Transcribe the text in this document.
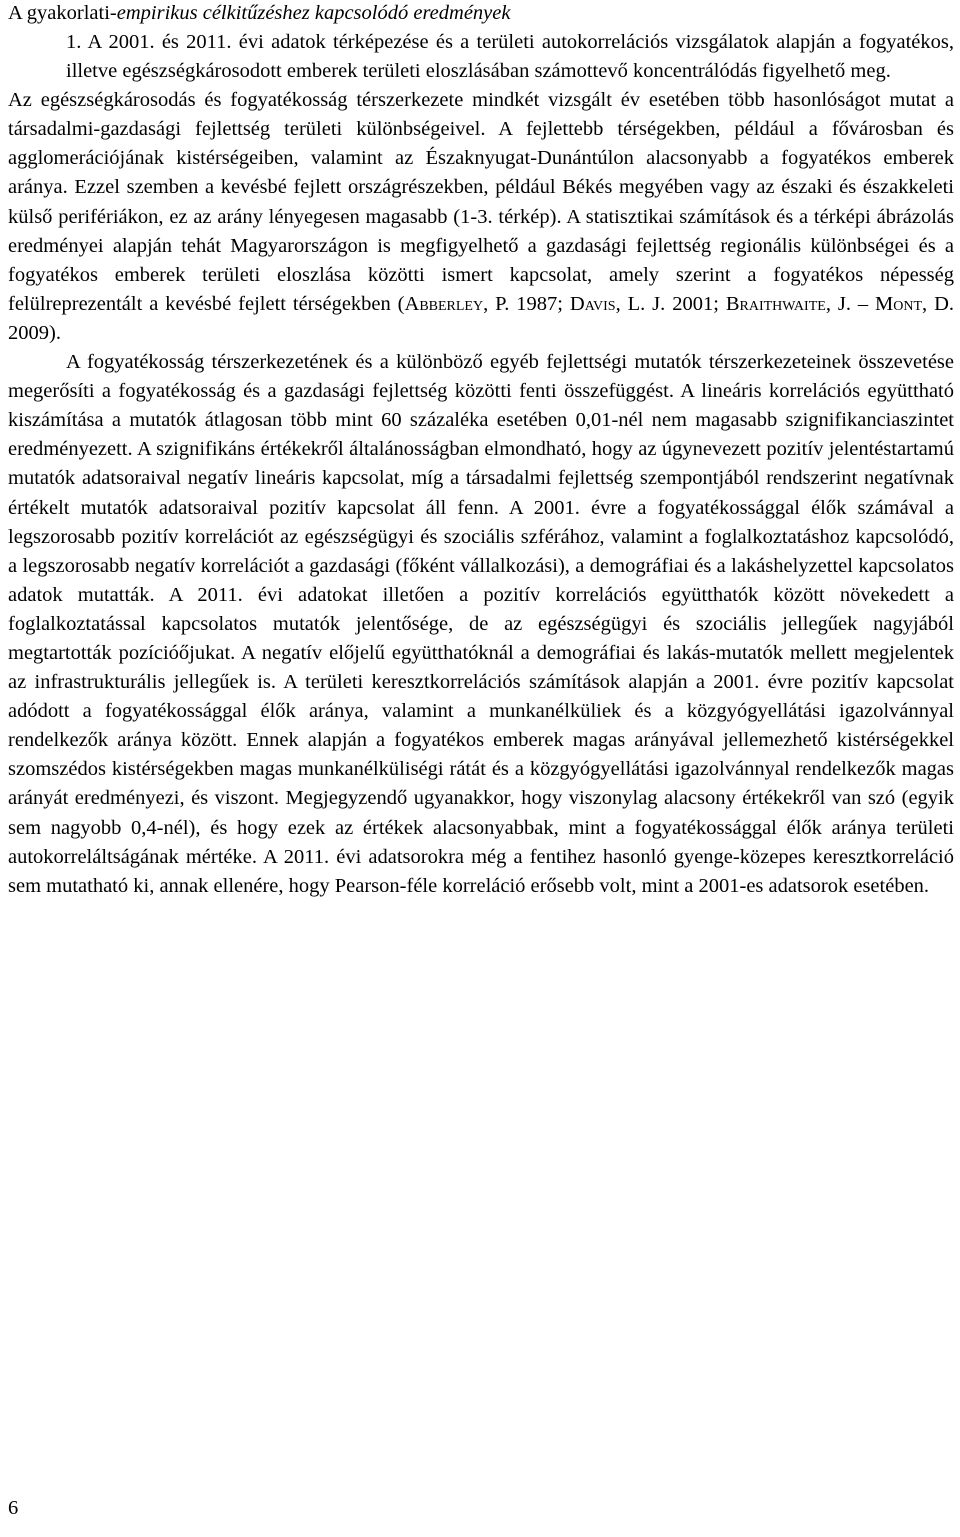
A gyakorlati-empirikus célkitűzéshez kapcsolódó eredmények

1. A 2001. és 2011. évi adatok térképezése és a területi autokorrelációs vizsgálatok alapján a fogyatékos, illetve egészségkárosodott emberek területi eloszlásában számottevő koncentrálódás figyelhető meg. Az egészségkárosodás és fogyatékosság térszerkezete mindkét vizsgált év esetében több hasonlóságot mutat a társadalmi-gazdasági fejlettség területi különbségeivel. A fejlettebb térségekben, például a fővárosban és agglomerációjának kistérségeiben, valamint az Északnyugat-Dunántúlon alacsonyabb a fogyatékos emberek aránya. Ezzel szemben a kevésbé fejlett országrészekben, például Békés megyében vagy az északi és északkeleti külső perifériákon, ez az arány lényegesen magasabb (1-3. térkép). A statisztikai számítások és a térképi ábrázolás eredményei alapján tehát Magyarországon is megfigyelhető a gazdasági fejlettség regionális különbségei és a fogyatékos emberek területi eloszlása közötti ismert kapcsolat, amely szerint a fogyatékos népesség felülreprezentált a kevésbé fejlett térségekben (Abberley, P. 1987; Davis, L. J. 2001; Braithwaite, J. – Mont, D. 2009).

A fogyatékosság térszerkezetének és a különböző egyéb fejlettségi mutatók térszerkezeteinek összevetése megerősíti a fogyatékosság és a gazdasági fejlettség közötti fenti összefüggést. A lineáris korrelációs együttható kiszámítása a mutatók átlagosan több mint 60 százaléka esetében 0,01-nél nem magasabb szignifikanciaszintet eredményezett. A szignifikáns értékekről általánosságban elmondható, hogy az úgynevezett pozitív jelentéstartamú mutatók adatsoraival negatív lineáris kapcsolat, míg a társadalmi fejlettség szempontjából rendszerint negatívnak értékelt mutatók adatsoraival pozitív kapcsolat áll fenn. A 2001. évre a fogyatékossággal élők számával a legszorosabb pozitív korrelációt az egészségügyi és szociális szférához, valamint a foglalkoztatáshoz kapcsolódó, a legszorosabb negatív korrelációt a gazdasági (főként vállalkozási), a demográfiai és a lakáshelyzettel kapcsolatos adatok mutatták. A 2011. évi adatokat illetően a pozitív korrelációs együtthatók között növekedett a foglalkoztatással kapcsolatos mutatók jelentősége, de az egészségügyi és szociális jellegűek nagyjából megtartották pozícióőjukat. A negatív előjelű együtthatóknál a demográfiai és lakás-mutatók mellett megjelentek az infrastrukturális jellegűek is. A területi keresztkorrelációs számítások alapján a 2001. évre pozitív kapcsolat adódott a fogyatékossággal élők aránya, valamint a munkanélküliek és a közgyógyellátási igazolvánnyal rendelkezők aránya között. Ennek alapján a fogyatékos emberek magas arányával jellemezhető kistérségekkel szomszédos kistérségekben magas munkanélküliségi rátát és a közgyógyellátási igazolvánnyal rendelkezők magas arányát eredményezi, és viszont. Megjegyzendő ugyanakkor, hogy viszonylag alacsony értékekről van szó (egyik sem nagyobb 0,4-nél), és hogy ezek az értékek alacsonyabbak, mint a fogyatékossággal élők aránya területi autokorreláltságának mértéke. A 2011. évi adatsorokra még a fentihez hasonló gyenge-közepes keresztkorreláció sem mutatható ki, annak ellenére, hogy Pearson-féle korreláció erősebb volt, mint a 2001-es adatsorok esetében.

6
